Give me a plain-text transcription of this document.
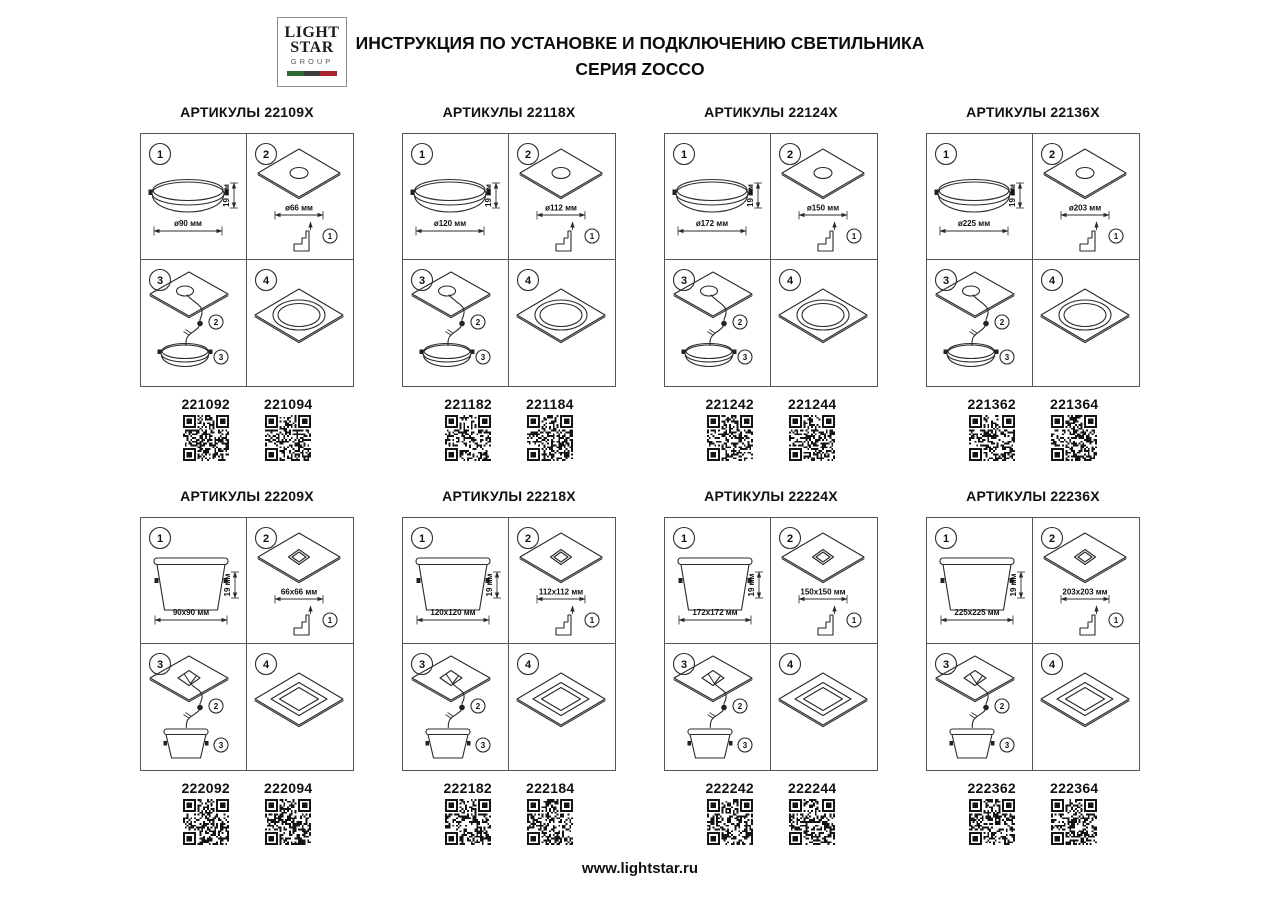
LIGHT
STAR
GROUP
ИНСТРУКЦИЯ ПО УСТАНОВКЕ И ПОДКЛЮЧЕНИЮ СВЕТИЛЬНИКА
СЕРИЯ ZOCCO
АРТИКУЛЫ 22109X
1
ø90 мм
19 мм
2
ø66 мм
1
3
2
3
4
221092 221094
АРТИКУЛЫ 22118X
1
ø120 мм
19 мм
2
ø112 мм
1
3
2
3
4
221182 221184
АРТИКУЛЫ 22124X
1
ø172 мм
19 мм
2
ø150 мм
1
3
2
3
4
221242 221244
АРТИКУЛЫ 22136X
1
ø225 мм
19 мм
2
ø203 мм
1
3
2
3
4
221362 221364
АРТИКУЛЫ 22209X
1
90x90 мм
19 мм
2
66x66 мм
1
3
2
3
4
222092 222094
АРТИКУЛЫ 22218X
1
120x120 мм
19 мм
2
112x112 мм
1
3
2
3
4
222182 222184
АРТИКУЛЫ 22224X
1
172x172 мм
19 мм
2
150x150 мм
1
3
2
3
4
222242 222244
АРТИКУЛЫ 22236X
1
225x225 мм
19 мм
2
203x203 мм
1
3
2
3
4
222362 222364
www.lightstar.ru
